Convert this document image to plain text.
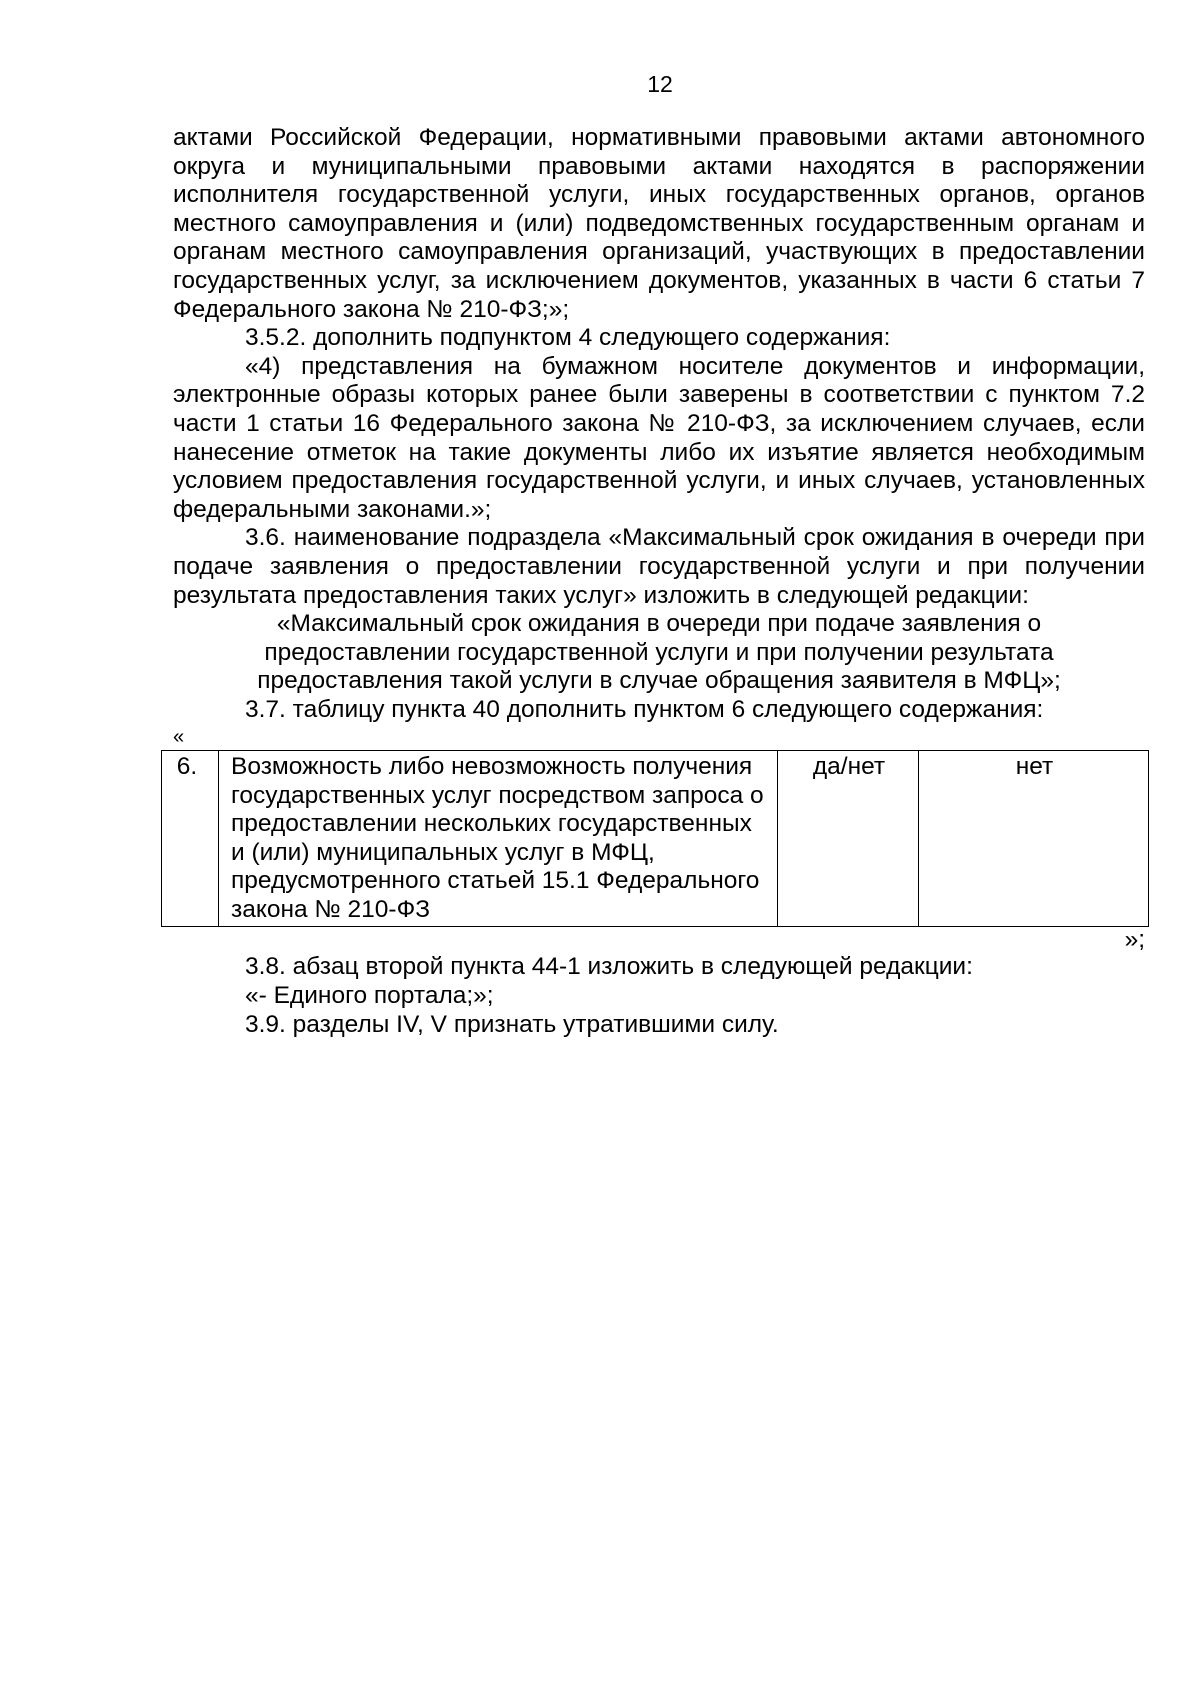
12

актами Российской Федерации, нормативными правовыми актами автономного округа и муниципальными правовыми актами находятся в распоряжении исполнителя государственной услуги, иных государственных органов, органов местного самоуправления и (или) подведомственных государственным органам и органам местного самоуправления организаций, участвующих в предоставлении государственных услуг, за исключением документов, указанных в части 6 статьи 7 Федерального закона № 210-ФЗ;»;

3.5.2. дополнить подпунктом 4 следующего содержания:

«4) представления на бумажном носителе документов и информации, электронные образы которых ранее были заверены в соответствии с пунктом 7.2 части 1 статьи 16 Федерального закона № 210-ФЗ, за исключением случаев, если нанесение отметок на такие документы либо их изъятие является необходимым условием предоставления государственной услуги, и иных случаев, установленных федеральными законами.»;

3.6. наименование подраздела «Максимальный срок ожидания в очереди при подаче заявления о предоставлении государственной услуги и при получении результата предоставления таких услуг» изложить в следующей редакции:

«Максимальный срок ожидания в очереди при подаче заявления о предоставлении государственной услуги и при получении результата предоставления такой услуги в случае обращения заявителя в МФЦ»;

3.7. таблицу пункта 40 дополнить пунктом 6 следующего содержания:

«

6.	Возможность либо невозможность получения государственных услуг посредством запроса о предоставлении нескольких государственных и (или) муниципальных услуг в МФЦ, предусмотренного статьей 15.1 Федерального закона № 210-ФЗ	да/нет	нет

»;

3.8. абзац второй пункта 44-1 изложить в следующей редакции:

«- Единого портала;»;

3.9. разделы IV, V признать утратившими силу.
